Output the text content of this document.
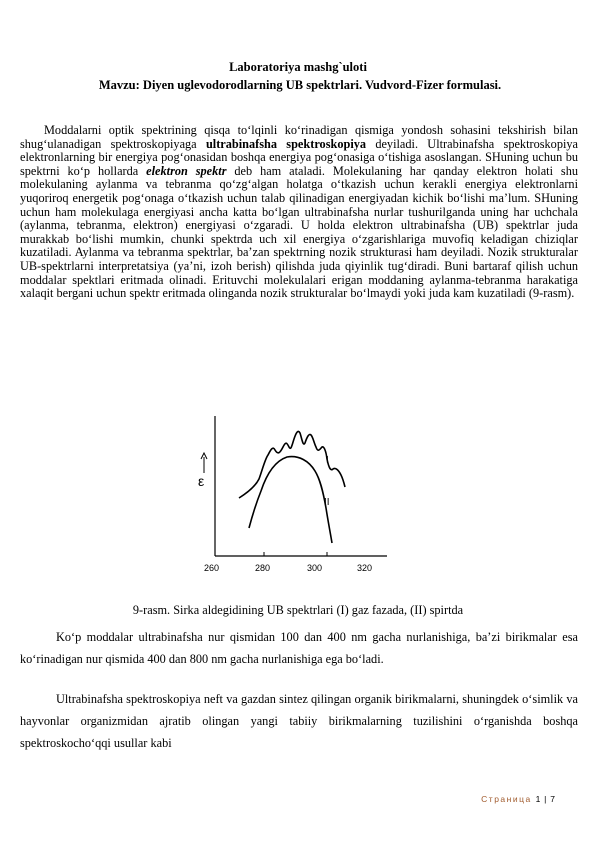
Laboratoriya mashg`uloti
Mavzu: Diyen uglevodorodlarning UB spektrlari. Vudvord-Fizer formulasi.
Moddalarni optik spektrining qisqa to‘lqinli ko‘rinadigan qismiga yondosh sohasini tekshirish bilan shug‘ulanadigan spektroskopiyaga ultrabinafsha spektroskopiya deyiladi. Ultrabinafsha spektroskopiya elektronlarning bir energiya pog‘onasidan boshqa energiya pog‘onasiga o‘tishiga asoslangan. SHuning uchun bu spektrni ko‘p hollarda elektron spektr deb ham ataladi. Molekulaning har qanday elektron holati shu molekulaning aylanma va tebranma qo‘zg‘algan holatga o‘tkazish uchun kerakli energiya elektronlarni yuqoriroq energetik pog‘onaga o‘tkazish uchun talab qilinadigan energiyadan kichik bo‘lishi ma’lum. SHuning uchun ham molekulaga energiyasi ancha katta bo‘lgan ultrabinafsha nurlar tushurilganda uning har uchchala (aylanma, tebranma, elektron) energiyasi o‘zgaradi. U holda elektron ultrabinafsha (UB) spektrlar juda murakkab bo‘lishi mumkin, chunki spektrda uch xil energiya o‘zgarishlariga muvofiq keladigan chiziqlar kuzatiladi. Aylanma va tebranma spektrlar, ba’zan spektrning nozik strukturasi ham deyiladi. Nozik strukturalar UB-spektrlarni interpretatsiya (ya’ni, izoh berish) qilishda juda qiyinlik tug‘diradi. Buni bartaraf qilish uchun moddalar spektlari eritmada olinadi. Erituvchi molekulalari erigan moddaning aylanma-tebranma harakatiga xalaqit bergani uchun spektr eritmada olinganda nozik strukturalar bo‘lmaydi yoki juda kam kuzatiladi (9-rasm).
ε
I
II
260	280	300	320
9-rasm. Sirka aldegidining UB spektrlari (I) gaz fazada, (II) spirtda
Ko‘p moddalar ultrabinafsha nur qismidan 100 dan 400 nm gacha nurlanishiga, ba’zi birikmalar esa ko‘rinadigan nur qismida 400 dan 800 nm gacha nurlanishiga ega bo‘ladi.
Ultrabinafsha spektroskopiya neft va gazdan sintez qilingan organik birikmalarni, shuningdek o‘simlik va hayvonlar organizmidan ajratib olingan yangi tabiiy birikmalarning tuzilishini o‘rganishda boshqa spektroskocho‘qqi usullar kabi
Страница 1 | 7
